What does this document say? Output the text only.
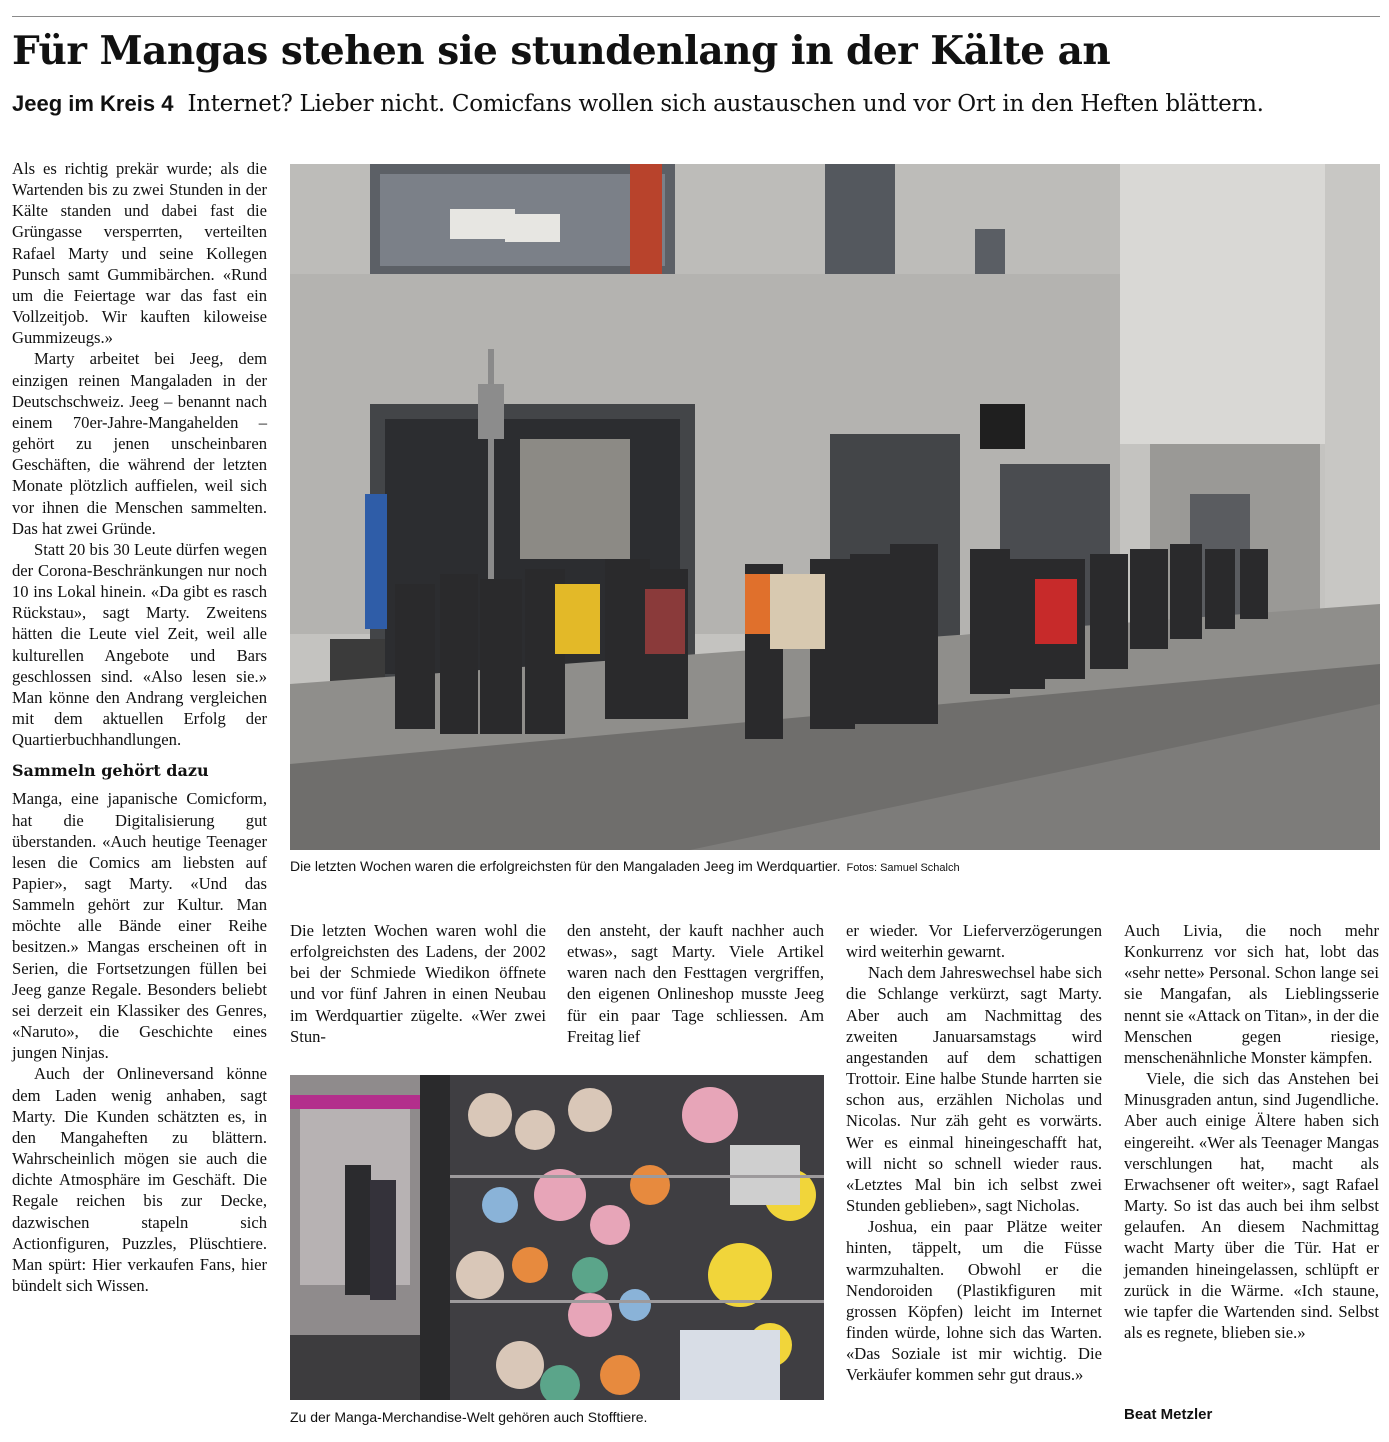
Für Mangas stehen sie stundenlang in der Kälte an
Jeeg im Kreis 4 Internet? Lieber nicht. Comicfans wollen sich austauschen und vor Ort in den Heften blättern.

Als es richtig prekär wurde; als die Wartenden bis zu zwei Stunden in der Kälte standen und dabei fast die Grüngasse versperrten, verteilten Rafael Marty und seine Kollegen Punsch samt Gummibärchen. «Rund um die Feiertage war das fast ein Vollzeitjob. Wir kauften kiloweise Gummizeugs.»

Marty arbeitet bei Jeeg, dem einzigen reinen Mangaladen in der Deutschschweiz. Jeeg – benannt nach einem 70er-Jahre-Mangahelden – gehört zu jenen unscheinbaren Geschäften, die während der letzten Monate plötzlich auffielen, weil sich vor ihnen die Menschen sammelten. Das hat zwei Gründe.

Statt 20 bis 30 Leute dürfen wegen der Corona-Beschränkungen nur noch 10 ins Lokal hinein. «Da gibt es rasch Rückstau», sagt Marty. Zweitens hätten die Leute viel Zeit, weil alle kulturellen Angebote und Bars geschlossen sind. «Also lesen sie.» Man könne den Andrang vergleichen mit dem aktuellen Erfolg der Quartierbuchhandlungen.

Sammeln gehört dazu

Manga, eine japanische Comicform, hat die Digitalisierung gut überstanden. «Auch heutige Teenager lesen die Comics am liebsten auf Papier», sagt Marty. «Und das Sammeln gehört zur Kultur. Man möchte alle Bände einer Reihe besitzen.» Mangas erscheinen oft in Serien, die Fortsetzungen füllen bei Jeeg ganze Regale. Besonders beliebt sei derzeit ein Klassiker des Genres, «Naruto», die Geschichte eines jungen Ninjas.

Auch der Onlineversand könne dem Laden wenig anhaben, sagt Marty. Die Kunden schätzten es, in den Mangaheften zu blättern. Wahrscheinlich mögen sie auch die dichte Atmosphäre im Geschäft. Die Regale reichen bis zur Decke, dazwischen stapeln sich Actionfiguren, Puzzles, Plüschtiere. Man spürt: Hier verkaufen Fans, hier bündelt sich Wissen.

Die letzten Wochen waren die erfolgreichsten für den Mangaladen Jeeg im Werdquartier. Fotos: Samuel Schalch

Die letzten Wochen waren wohl die erfolgreichsten des Ladens, der 2002 bei der Schmiede Wiedikon öffnete und vor fünf Jahren in einen Neubau im Werdquartier zügelte. «Wer zwei Stun-

den ansteht, der kauft nachher auch etwas», sagt Marty. Viele Artikel waren nach den Festtagen vergriffen, den eigenen Onlineshop musste Jeeg für ein paar Tage schliessen. Am Freitag lief

Zu der Manga-Merchandise-Welt gehören auch Stofftiere.

er wieder. Vor Lieferverzögerungen wird weiterhin gewarnt.

Nach dem Jahreswechsel habe sich die Schlange verkürzt, sagt Marty. Aber auch am Nachmittag des zweiten Januarsamstags wird angestanden auf dem schattigen Trottoir. Eine halbe Stunde harrten sie schon aus, erzählen Nicholas und Nicolas. Nur zäh geht es vorwärts. Wer es einmal hineingeschafft hat, will nicht so schnell wieder raus. «Letztes Mal bin ich selbst zwei Stunden geblieben», sagt Nicholas.

Joshua, ein paar Plätze weiter hinten, täppelt, um die Füsse warmzuhalten. Obwohl er die Nendoroiden (Plastikfiguren mit grossen Köpfen) leicht im Internet finden würde, lohne sich das Warten. «Das Soziale ist mir wichtig. Die Verkäufer kommen sehr gut draus.»

Auch Livia, die noch mehr Konkurrenz vor sich hat, lobt das «sehr nette» Personal. Schon lange sei sie Mangafan, als Lieblingsserie nennt sie «Attack on Titan», in der die Menschen gegen riesige, menschenähnliche Monster kämpfen.

Viele, die sich das Anstehen bei Minusgraden antun, sind Jugendliche. Aber auch einige Ältere haben sich eingereiht. «Wer als Teenager Mangas verschlungen hat, macht als Erwachsener oft weiter», sagt Rafael Marty. So ist das auch bei ihm selbst gelaufen. An diesem Nachmittag wacht Marty über die Tür. Hat er jemanden hineingelassen, schlüpft er zurück in die Wärme. «Ich staune, wie tapfer die Wartenden sind. Selbst als es regnete, blieben sie.»

Beat Metzler
